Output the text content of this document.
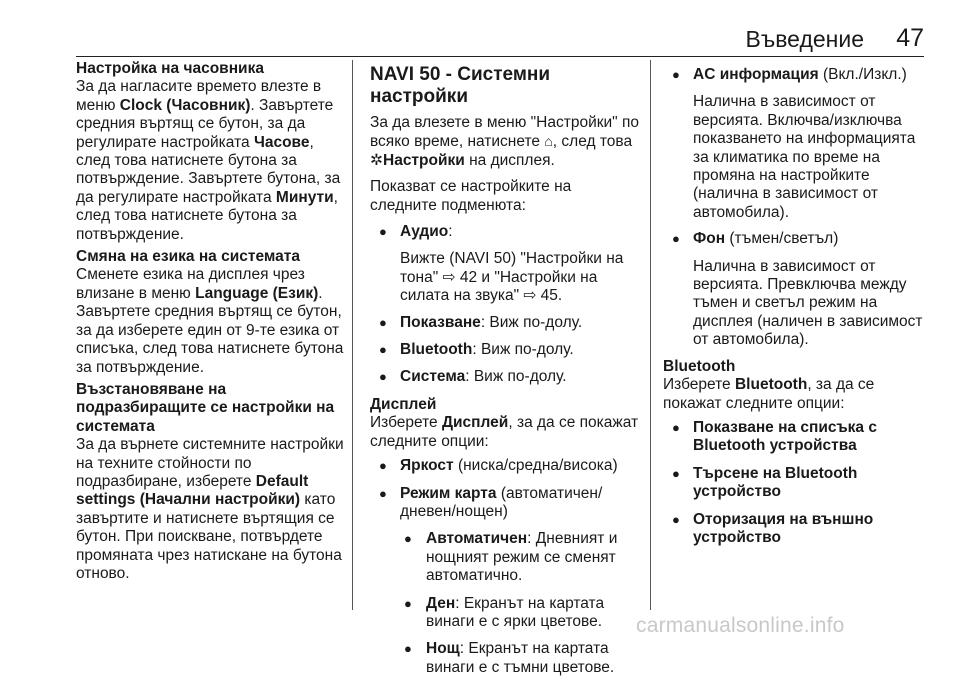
Въведение 47
Настройка на часовника
За да нагласите времето влезте в меню Clock (Часовник). Завъртете средния въртящ се бутон, за да регулирате настройката Часове, след това натиснете бутона за потвърждение. Завъртете бутона, за да регулирате настройката Минути, след това натиснете бутона за потвърждение.
Смяна на езика на системата
Сменете езика на дисплея чрез влизане в меню Language (Език). Завъртете средния въртящ се бутон, за да изберете един от 9-те езика от списъка, след това натиснете бутона за потвърждение.
Възстановяване на подразбиращите се настройки на системата
За да върнете системните настройки на техните стойности по подразбиране, изберете Default settings (Начални настройки) като завъртите и натиснете въртящия се бутон. При поискване, потвърдете промяната чрез натискане на бутона отново.
NAVI 50 - Системни настройки
За да влезете в меню "Настройки" по всяко време, натиснете ⌂, след това ✲Настройки на дисплея.
Показват се настройките на следните подменюта:
● Аудио:
Вижте (NAVI 50) "Настройки на тона" ⇨ 42 и "Настройки на силата на звука" ⇨ 45.
● Показване: Виж по-долу.
● Bluetooth: Виж по-долу.
● Система: Виж по-долу.
Дисплей
Изберете Дисплей, за да се покажат следните опции:
● Яркост (ниска/средна/висока)
● Режим карта (автоматичен/ дневен/нощен)
● Автоматичен: Дневният и нощният режим се сменят автоматично.
● Ден: Екранът на картата винаги е с ярки цветове.
● Нощ: Екранът на картата винаги е с тъмни цветове.
● AC информация (Вкл./Изкл.)
Налична в зависимост от версията. Включва/изключва показването на информацията за климатика по време на промяна на настройките (налична в зависимост от автомобила).
● Фон (тъмен/светъл)
Налична в зависимост от версията. Превключва между тъмен и светъл режим на дисплея (наличен в зависимост от автомобила).
Bluetooth
Изберете Bluetooth, за да се покажат следните опции:
● Показване на списъка с Bluetooth устройства
● Търсене на Bluetooth устройство
● Оторизация на външно устройство
carmanualsonline.info
